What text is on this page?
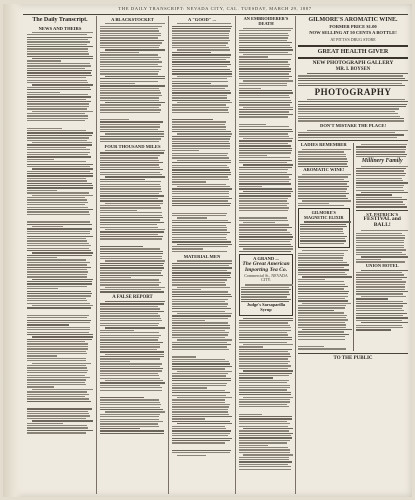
THE DAILY TRANSCRIPT: NEVADA CITY, CAL. TUESDAY, MARCH 29, 1887
The Daily Transcript.
NEWS AND THEIRS
A BLACKSTOCKET
FOUR THOUSAND MILES
A FALSE REPORT
A "GOOD" ...
MATERIAL MEN
AN EMBROIDERER'S DEATH
A GRAND ...
The Great American Importing Tea Co.
Commercial St., NEVADA CITY.
Judge's Sarsaparilla Syrup
GILMORE'S AROMATIC WINE.
FORMER PRICE $1.00
NOW SELLING AT 50 CENTS A BOTTLE!
AT PITTS'S DRUG STORE
GREAT HEALTH GIVER
NEW PHOTOGRAPH GALLERY
MR. I. BOYSEN
PHOTOGRAPHY
DON'T MISTAKE THE PLACE!
LADIES REMEMBER
AROMATIC WINE!
GILMORE'S MAGNETIC ELIXIR
Millinery Family
ST. PATRICK'S
FESTIVAL and BALL!
UNION HOTEL
TO THE PUBLIC
